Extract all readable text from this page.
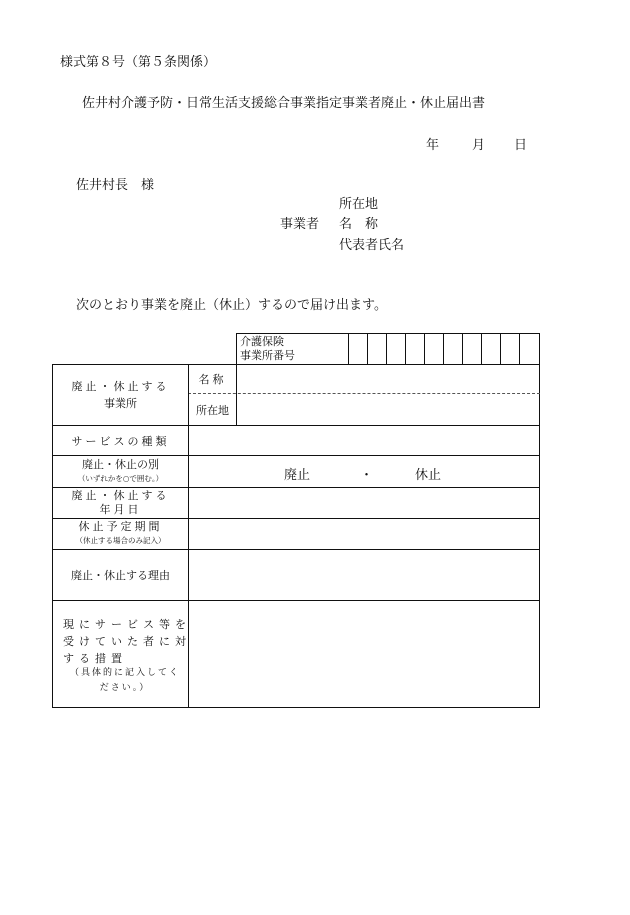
様式第８号（第５条関係）
佐井村介護予防・日常生活支援総合事業指定事業者廃止・休止届出書
年	月 日
佐井村長　様
所在地
事業者 名　称
代表者氏名
次のとおり事業を廃止（休止）するので届け出ます。
介護保険
事業所番号
廃止・休止する
事業所
名称
所在地
サービスの種類
廃止・休止の別
（いずれかを○で囲む。）	廃止	・	休止
廃止・休止する
年月日
休止予定期間
（休止する場合のみ記入）
廃止・休止する理由
現にサービス等を
受けていた者に対
する措置
（具体的に記入してく
ださい。）
